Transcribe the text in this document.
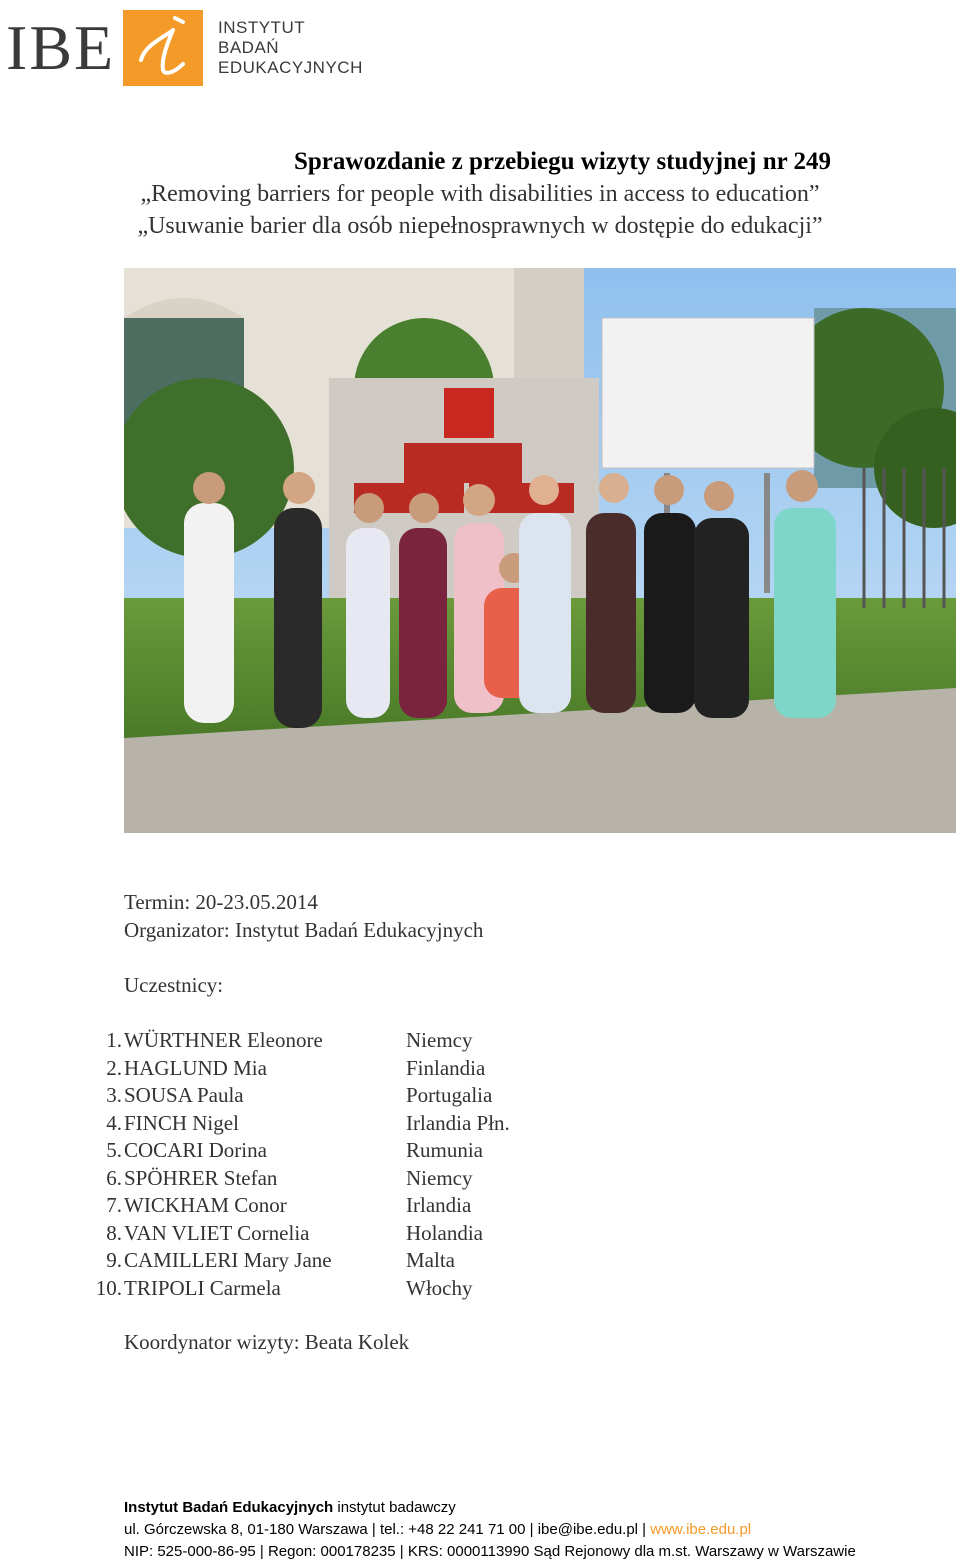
IBE	INSTYTUT
BADAŃ
EDUKACYJNYCH
Sprawozdanie z przebiegu wizyty studyjnej nr 249
„Removing barriers for people with disabilities in access to education”
„Usuwanie barier dla osób niepełnosprawnych w dostępie do edukacji”
Termin: 20-23.05.2014
Organizator: Instytut Badań Edukacyjnych
Uczestnicy:
1. WÜRTHNER Eleonore	Niemcy
2. HAGLUND Mia	Finlandia
3. SOUSA Paula	Portugalia
4. FINCH Nigel	Irlandia Płn.
5. COCARI Dorina	Rumunia
6. SPÖHRER Stefan	Niemcy
7. WICKHAM Conor	Irlandia
8. VAN VLIET Cornelia	Holandia
9. CAMILLERI Mary Jane	Malta
10. TRIPOLI Carmela	Włochy
Koordynator wizyty: Beata Kolek
Instytut Badań Edukacyjnych instytut badawczy
ul. Górczewska 8, 01-180 Warszawa | tel.: +48 22 241 71 00 | ibe@ibe.edu.pl | www.ibe.edu.pl
NIP: 525-000-86-95 | Regon: 000178235 | KRS: 0000113990 Sąd Rejonowy dla m.st. Warszawy w Warszawie
